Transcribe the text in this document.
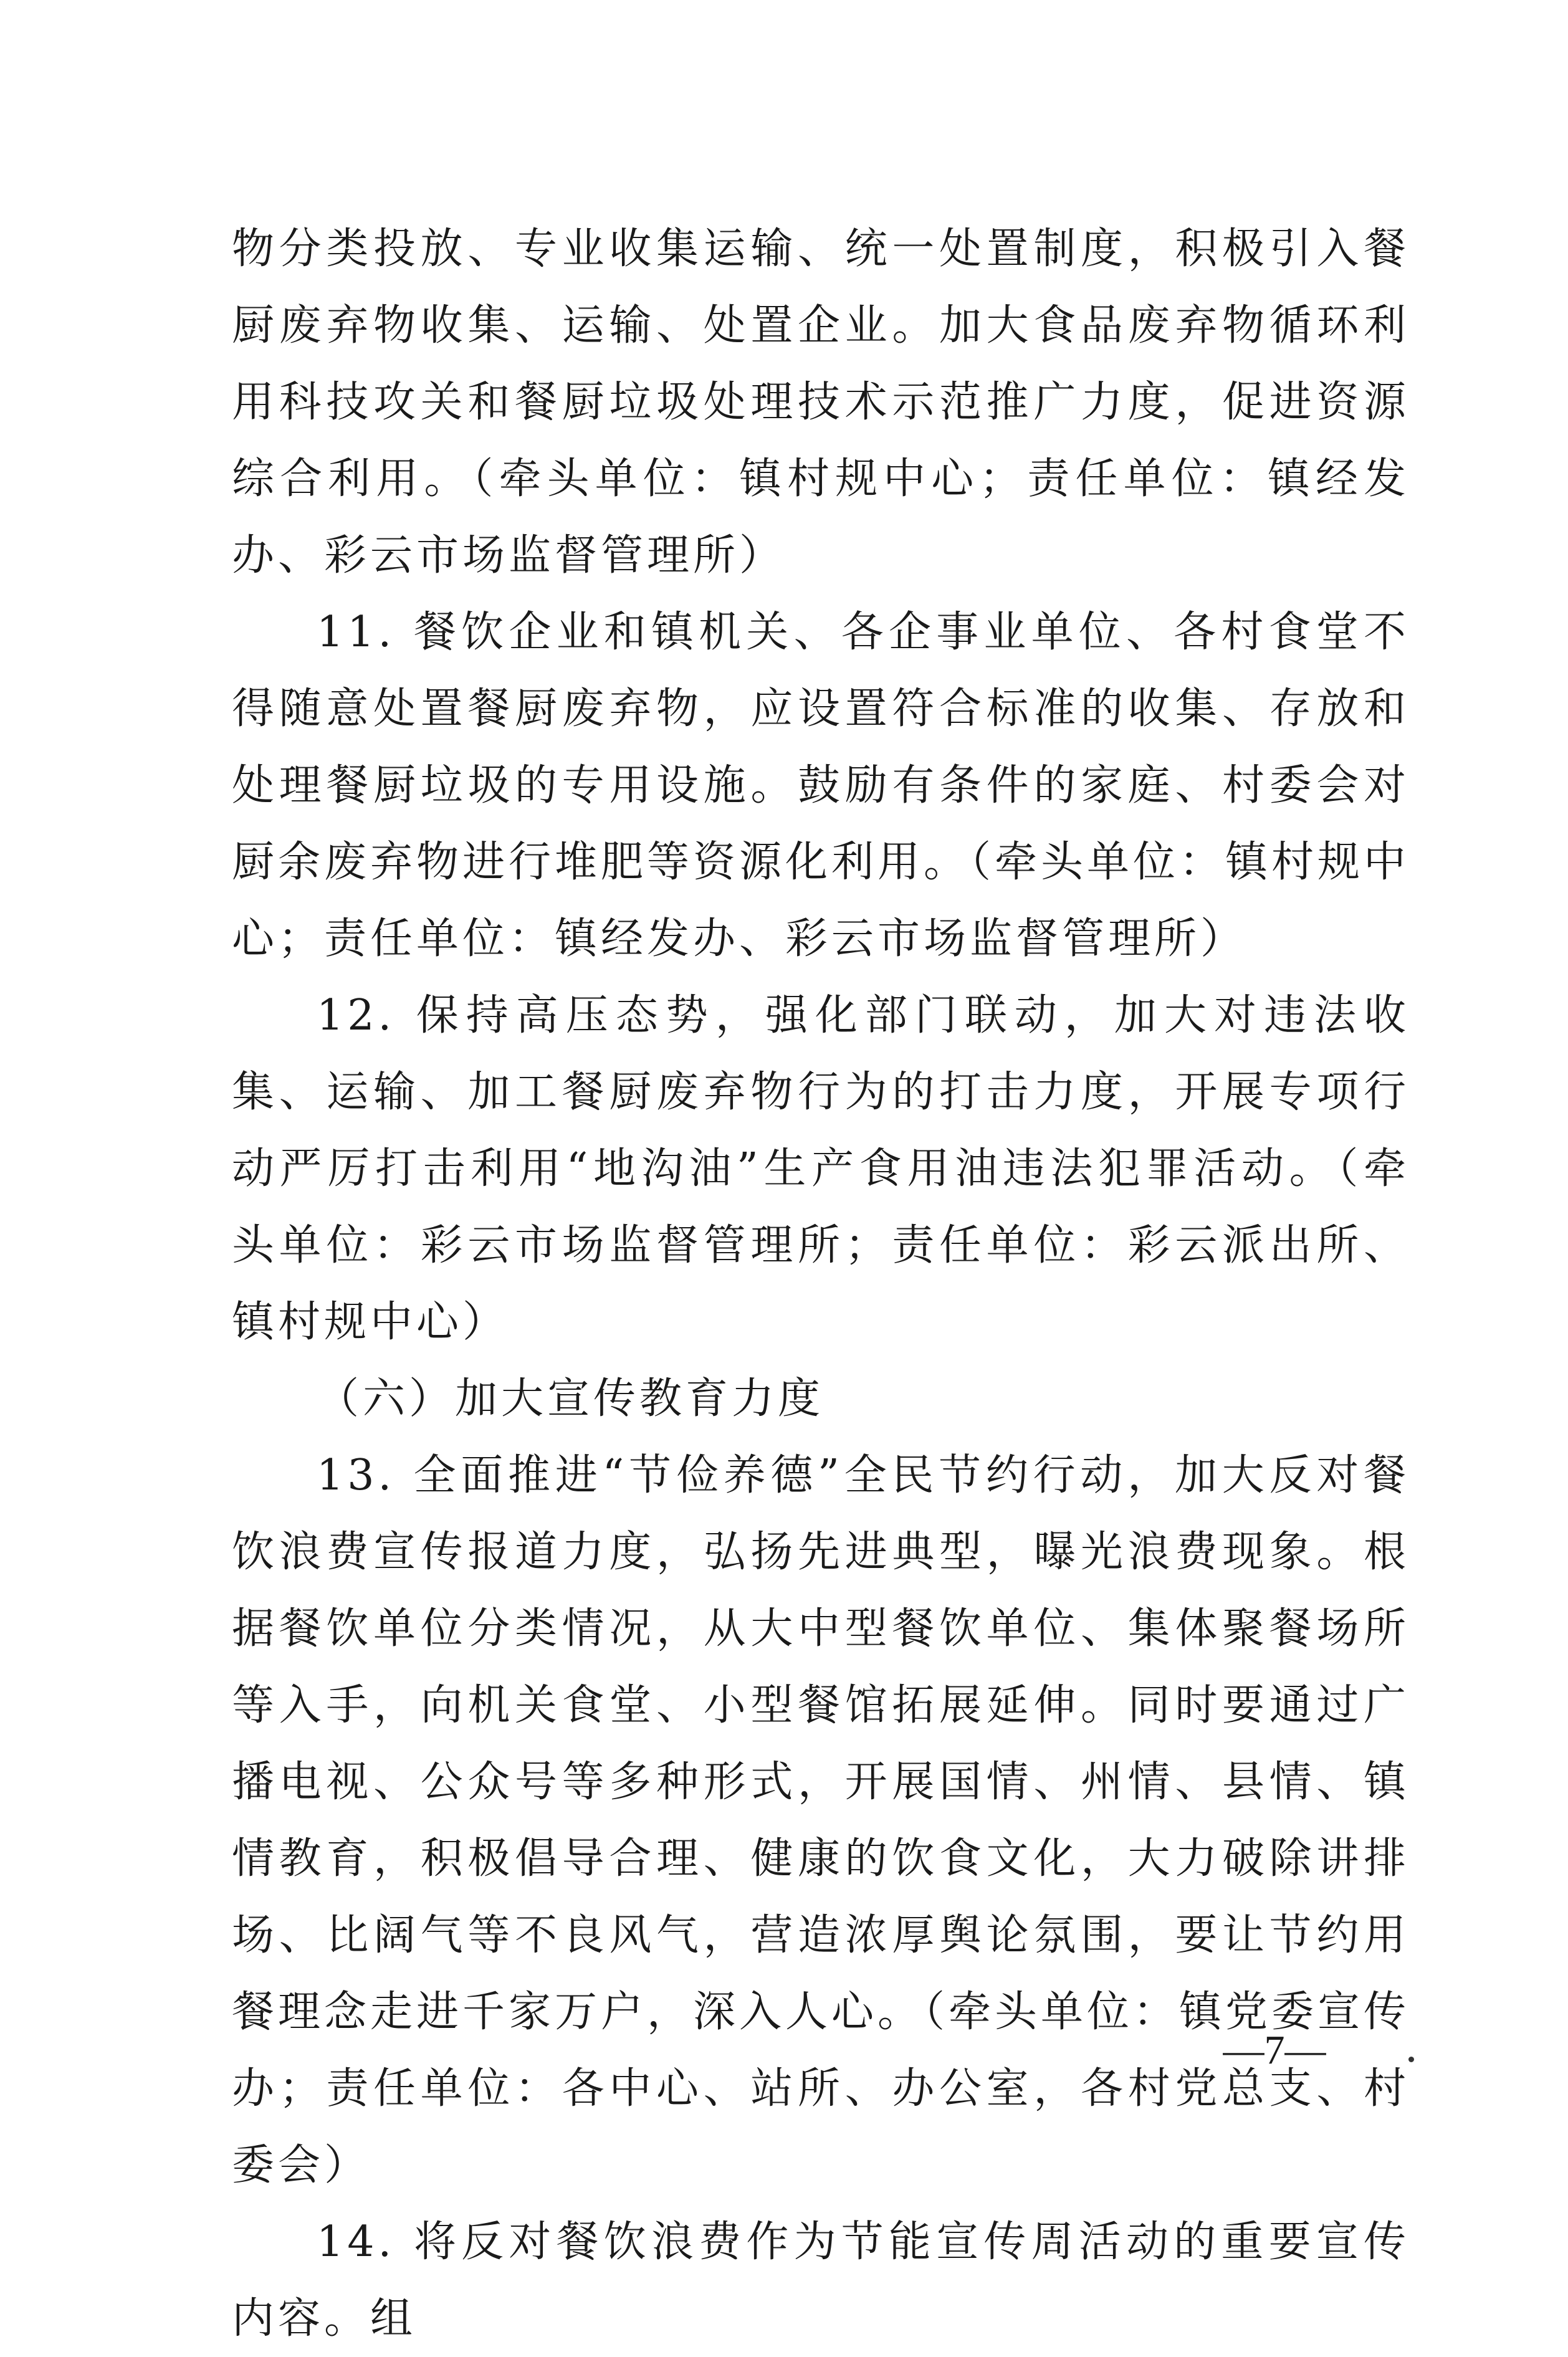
物分类投放、专业收集运输、统一处置制度，积极引入餐厨废弃物收集、运输、处置企业。加大食品废弃物循环利用科技攻关和餐厨垃圾处理技术示范推广力度，促进资源综合利用。（牵头单位：镇村规中心；责任单位：镇经发办、彩云市场监督管理所）

11. 餐饮企业和镇机关、各企事业单位、各村食堂不得随意处置餐厨废弃物，应设置符合标准的收集、存放和处理餐厨垃圾的专用设施。鼓励有条件的家庭、村委会对厨余废弃物进行堆肥等资源化利用。（牵头单位：镇村规中心；责任单位：镇经发办、彩云市场监督管理所）

12. 保持高压态势，强化部门联动，加大对违法收集、运输、加工餐厨废弃物行为的打击力度，开展专项行动严厉打击利用“地沟油”生产食用油违法犯罪活动。（牵头单位：彩云市场监督管理所；责任单位：彩云派出所、镇村规中心）

（六）加大宣传教育力度

13. 全面推进“节俭养德”全民节约行动，加大反对餐饮浪费宣传报道力度，弘扬先进典型，曝光浪费现象。根据餐饮单位分类情况，从大中型餐饮单位、集体聚餐场所等入手，向机关食堂、小型餐馆拓展延伸。同时要通过广播电视、公众号等多种形式，开展国情、州情、县情、镇情教育，积极倡导合理、健康的饮食文化，大力破除讲排场、比阔气等不良风气，营造浓厚舆论氛围，要让节约用餐理念走进千家万户，深入人心。（牵头单位：镇党委宣传办；责任单位：各中心、站所、办公室，各村党总支、村委会）

14. 将反对餐饮浪费作为节能宣传周活动的重要宣传内容。组

—7—
